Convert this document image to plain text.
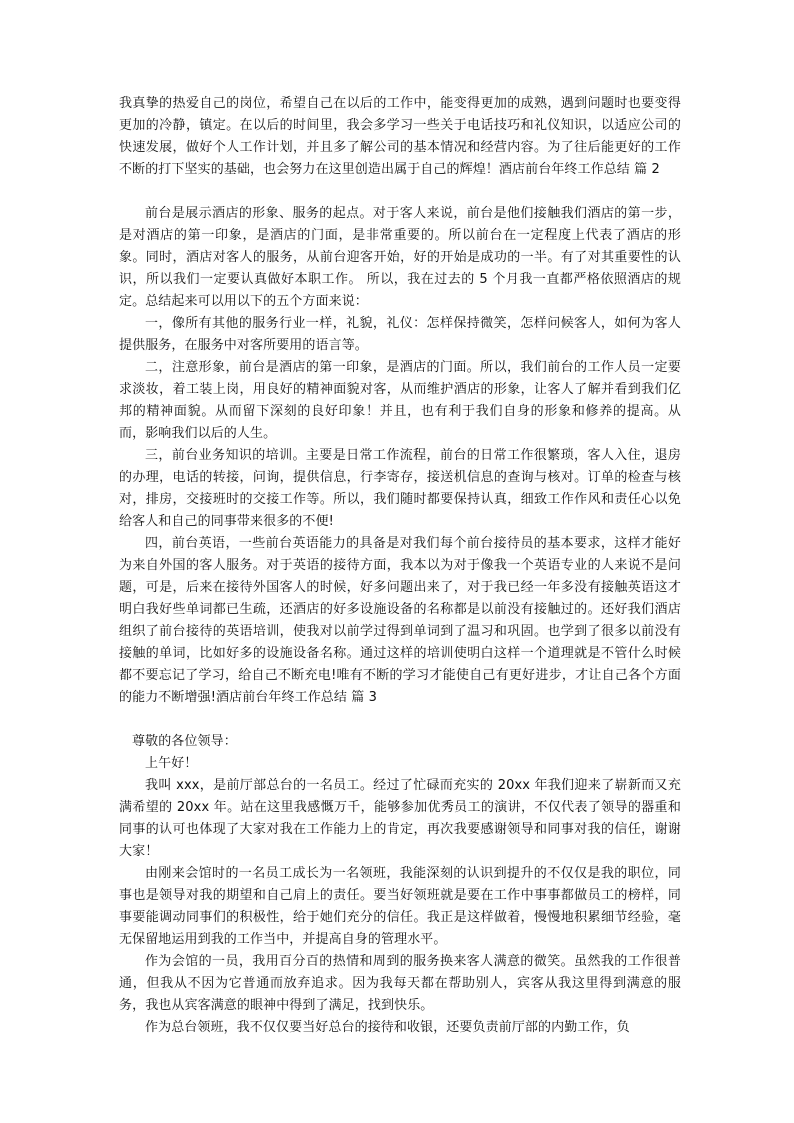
我真挚的热爱自己的岗位，希望自己在以后的工作中，能变得更加的成熟，遇到问题时也要变得更加的冷静，镇定。在以后的时间里，我会多学习一些关于电话技巧和礼仪知识，以适应公司的快速发展，做好个人工作计划，并且多了解公司的基本情况和经营内容。为了往后能更好的工作不断的打下坚实的基础，也会努力在这里创造出属于自己的辉煌！酒店前台年终工作总结 篇 2

前台是展示酒店的形象、服务的起点。对于客人来说，前台是他们接触我们酒店的第一步，是对酒店的第一印象，是酒店的门面，是非常重要的。所以前台在一定程度上代表了酒店的形象。同时，酒店对客人的服务，从前台迎客开始，好的开始是成功的一半。有了对其重要性的认识，所以我们一定要认真做好本职工作。 所以，我在过去的 5 个月我一直都严格依照酒店的规定。总结起来可以用以下的五个方面来说：

一，像所有其他的服务行业一样，礼貌，礼仪：怎样保持微笑，怎样问候客人，如何为客人提供服务，在服务中对客所要用的语言等。

二，注意形象，前台是酒店的第一印象，是酒店的门面。所以，我们前台的工作人员一定要求淡妆，着工装上岗，用良好的精神面貌对客，从而维护酒店的形象，让客人了解并看到我们亿邦的精神面貌。从而留下深刻的良好印象！并且，也有利于我们自身的形象和修养的提高。从而，影响我们以后的人生。

三，前台业务知识的培训。主要是日常工作流程，前台的日常工作很繁琐，客人入住，退房的办理，电话的转接，问询，提供信息，行李寄存，接送机信息的查询与核对。订单的检查与核对，排房，交接班时的交接工作等。所以，我们随时都要保持认真，细致工作作风和责任心以免给客人和自己的同事带来很多的不便!

四，前台英语，一些前台英语能力的具备是对我们每个前台接待员的基本要求，这样才能好为来自外国的客人服务。对于英语的接待方面，我本以为对于像我一个英语专业的人来说不是问题，可是，后来在接待外国客人的时候，好多问题出来了，对于我已经一年多没有接触英语这才明白我好些单词都已生疏，还酒店的好多设施设备的名称都是以前没有接触过的。还好我们酒店组织了前台接待的英语培训，使我对以前学过得到单词到了温习和巩固。也学到了很多以前没有接触的单词，比如好多的设施设备名称。通过这样的培训使明白这样一个道理就是不管什么时候都不要忘记了学习，给自己不断充电!唯有不断的学习才能使自己有更好进步，才让自己各个方面的能力不断增强!酒店前台年终工作总结 篇 3

尊敬的各位领导：

上午好！

我叫 xxx，是前厅部总台的一名员工。经过了忙碌而充实的 20xx 年我们迎来了崭新而又充满希望的 20xx 年。站在这里我感慨万千，能够参加优秀员工的演讲，不仅代表了领导的器重和同事的认可也体现了大家对我在工作能力上的肯定，再次我要感谢领导和同事对我的信任，谢谢大家！

由刚来会馆时的一名员工成长为一名领班，我能深刻的认识到提升的不仅仅是我的职位，同事也是领导对我的期望和自己肩上的责任。要当好领班就是要在工作中事事都做员工的榜样，同事要能调动同事们的积极性，给于她们充分的信任。我正是这样做着，慢慢地积累细节经验，毫无保留地运用到我的工作当中，并提高自身的管理水平。

作为会馆的一员，我用百分百的热情和周到的服务换来客人满意的微笑。虽然我的工作很普通，但我从不因为它普通而放弃追求。因为我每天都在帮助别人，宾客从我这里得到满意的服务，我也从宾客满意的眼神中得到了满足，找到快乐。

作为总台领班，我不仅仅要当好总台的接待和收银，还要负责前厅部的内勤工作，负
